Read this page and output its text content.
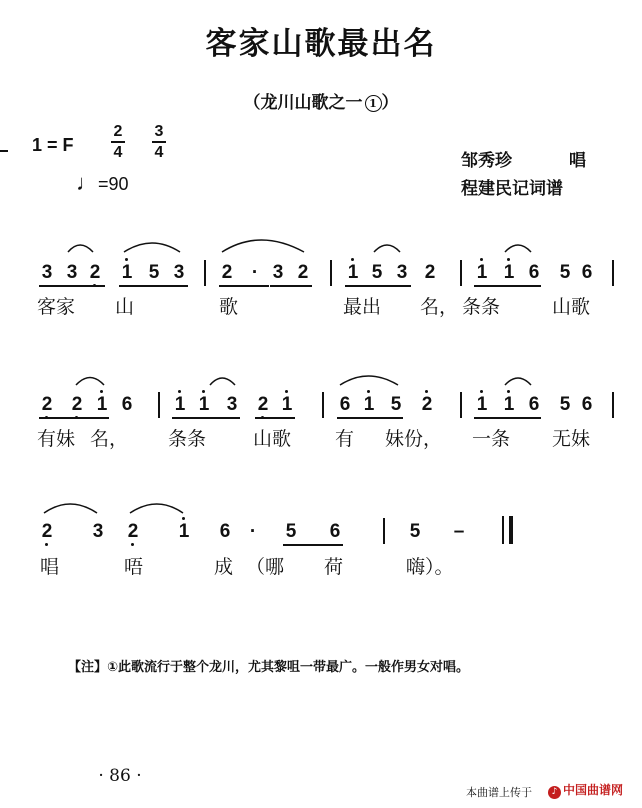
客家山歌最出名
（龙川山歌之一 1 ）
1 = F
2
4
3
4
♩=90
邹秀珍	唱
程建民记词谱
3 3 2 1 5 3 2 · 3 2 1 5 3 2 1 1 6 5 6
客家 山	歌	最出 名， 条条	山歌
2 2 1 6 1 1 3 2 1 6 1 5 2 1 1 6 5 6
有妹 名， 条条 山歌 有 妹份， 一条 无妹
2 3 2 1 6 · 5 6	5 –
唱	唔	成 （哪 荷	嗨）。
【注】①此歌流行于整个龙川，尤其黎咀一带最广。一般作男女对唱。
· 86 ·
本曲谱上传于	♪ 中国曲谱网
